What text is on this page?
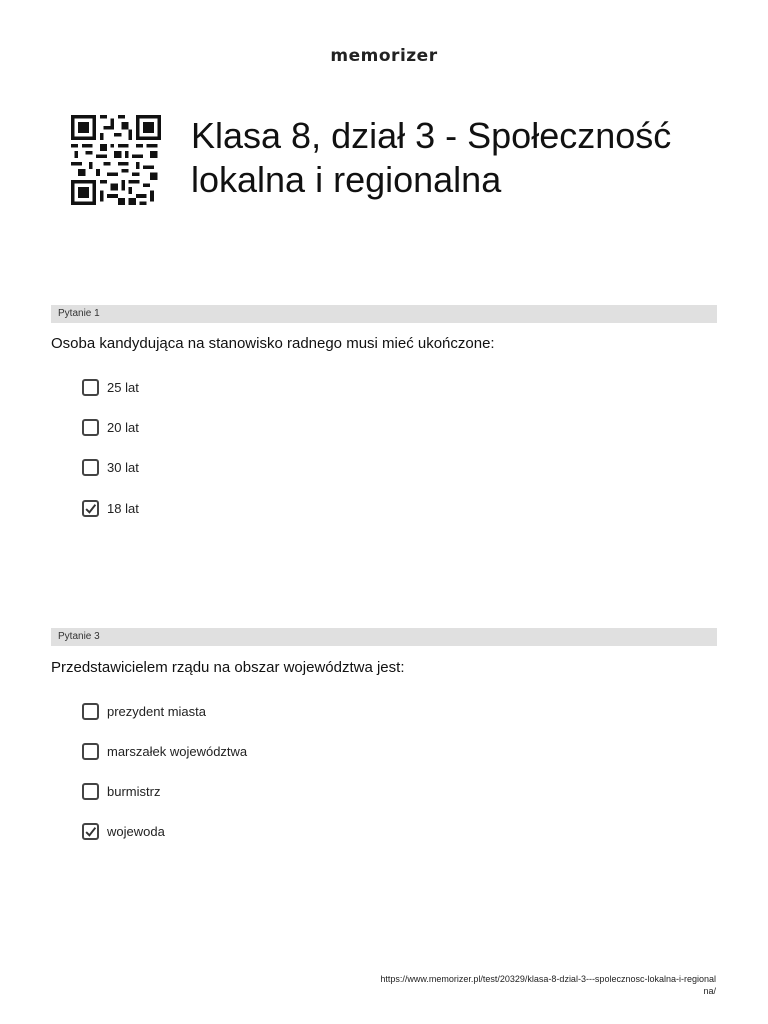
memorizer
Klasa 8, dział 3 - Społeczność lokalna i regionalna
Pytanie 1

Osoba kandydująca na stanowisko radnego musi mieć ukończone:

25 lat
20 lat
30 lat
18 lat
Pytanie 3

Przedstawicielem rządu na obszar województwa jest:

prezydent miasta
marszałek województwa
burmistrz
wojewoda
https://www.memorizer.pl/test/20329/klasa-8-dzial-3---spolecznosc-lokalna-i-regionalna/
